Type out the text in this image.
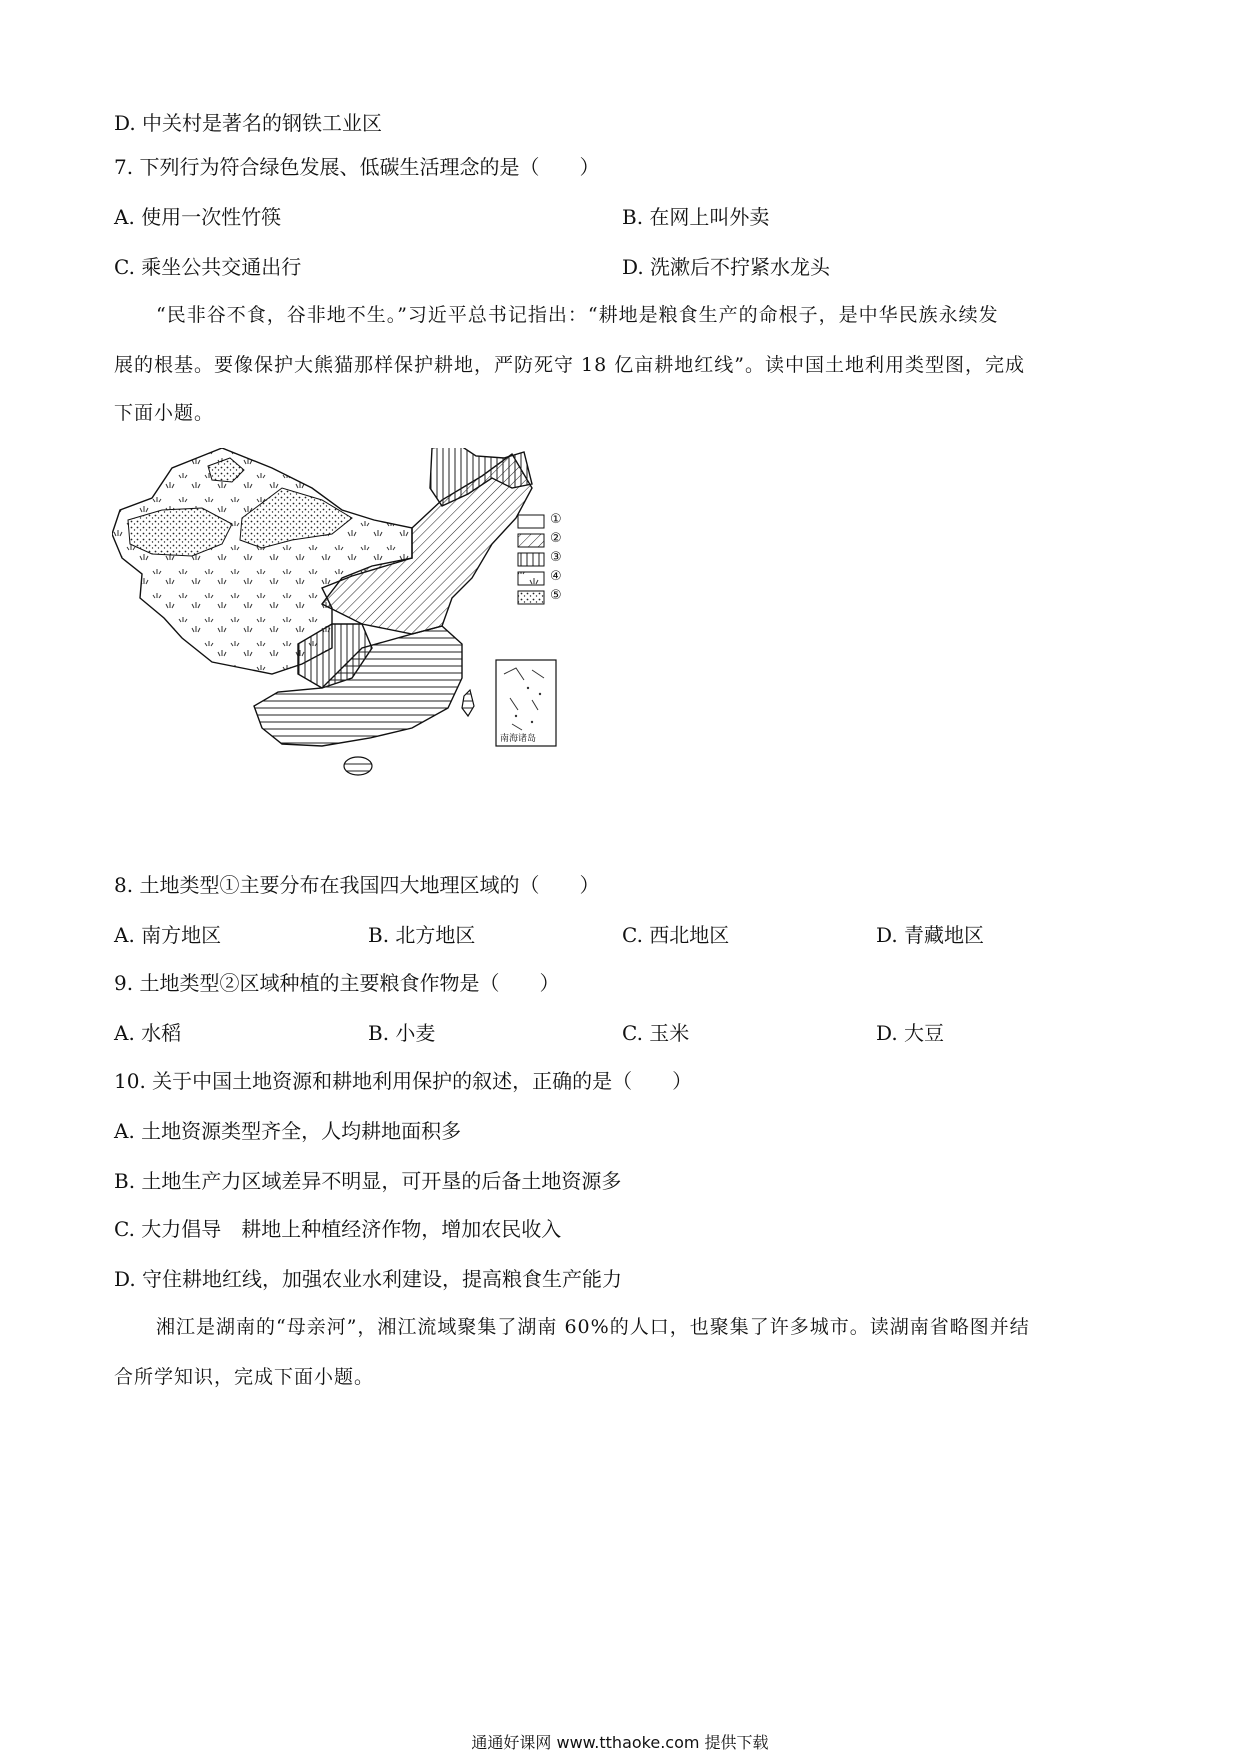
D. 中关村是著名的钢铁工业区
7. 下列行为符合绿色发展、低碳生活理念的是（　　）
A. 使用一次性竹筷	B. 在网上叫外卖
C. 乘坐公共交通出行	D. 洗漱后不拧紧水龙头
“民非谷不食，谷非地不生。”习近平总书记指出：“耕地是粮食生产的命根子，是中华民族永续发
展的根基。要像保护大熊猫那样保护耕地，严防死守 18 亿亩耕地红线”。读中国土地利用类型图，完成
下面小题。
①
②
③
④
⑤
南海诸岛
8. 土地类型①主要分布在我国四大地理区域的（　　）
A. 南方地区	B. 北方地区	C. 西北地区	D. 青藏地区
9. 土地类型②区域种植的主要粮食作物是（　　）
A. 水稻	B. 小麦	C. 玉米	D. 大豆
10. 关于中国土地资源和耕地利用保护的叙述，正确的是（　　）
A. 土地资源类型齐全，人均耕地面积多
B. 土地生产力区域差异不明显，可开垦的后备土地资源多
C. 大力倡导　耕地上种植经济作物，增加农民收入
D. 守住耕地红线，加强农业水利建设，提高粮食生产能力
湘江是湖南的“母亲河”，湘江流域聚集了湖南 60%的人口，也聚集了许多城市。读湖南省略图并结
合所学知识，完成下面小题。
通通好课网 www.tthaoke.com 提供下载
